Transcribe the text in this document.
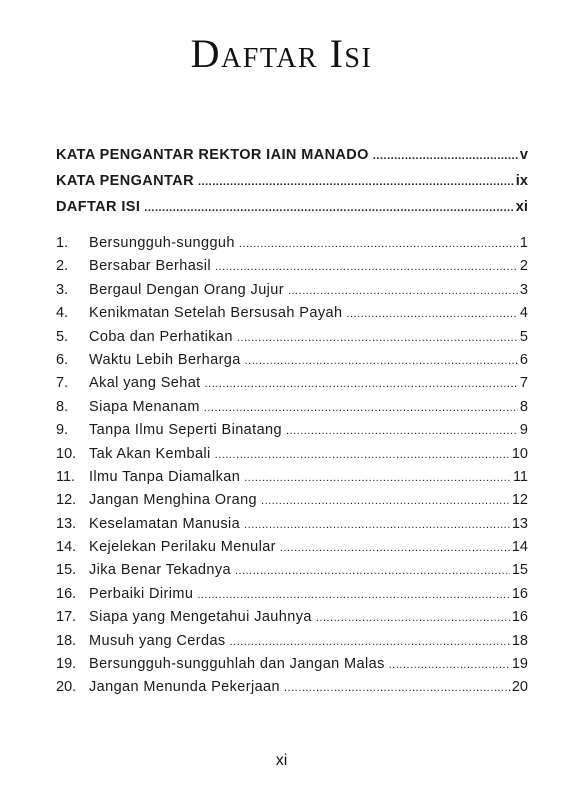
Daftar Isi
KATA PENGANTAR REKTOR IAIN MANADO .....	v
KATA PENGANTAR .....	ix
DAFTAR ISI .....	xi
1.	Bersungguh-sungguh .....	1
2.	Bersabar Berhasil .....	2
3.	Bergaul Dengan Orang Jujur .....	3
4.	Kenikmatan Setelah Bersusah Payah .....	4
5.	Coba dan Perhatikan .....	5
6.	Waktu Lebih Berharga .....	6
7.	Akal yang Sehat .....	7
8.	Siapa Menanam .....	8
9.	Tanpa Ilmu Seperti Binatang .....	9
10. Tak Akan Kembali .....	10
11. Ilmu Tanpa Diamalkan .....	11
12. Jangan Menghina Orang .....	12
13. Keselamatan Manusia .....	13
14. Kejelekan Perilaku Menular .....	14
15. Jika Benar Tekadnya .....	15
16. Perbaiki Dirimu .....	16
17. Siapa yang Mengetahui Jauhnya .....	16
18. Musuh yang Cerdas .....	18
19. Bersungguh-sungguhlah dan Jangan Malas .....	19
20. Jangan Menunda Pekerjaan .....	20
xi
